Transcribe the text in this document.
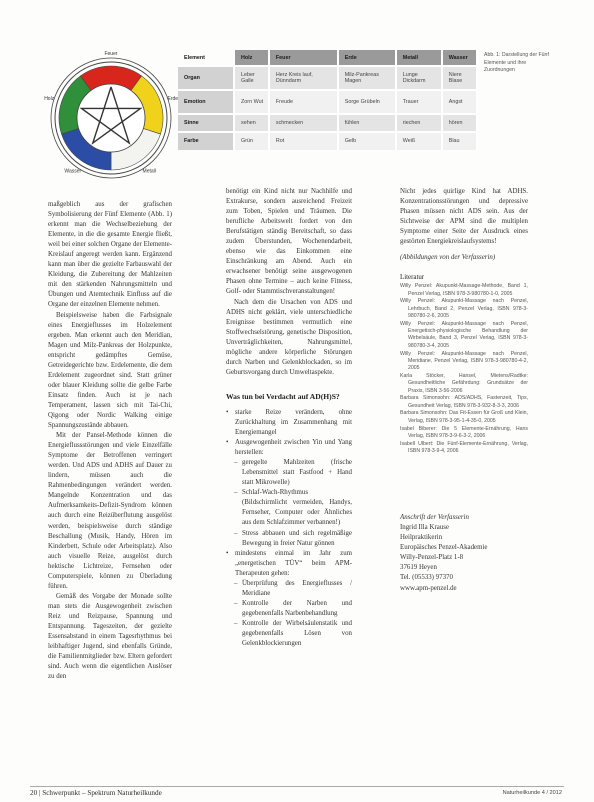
Feuer
Erde
Metall
Wasser
Holz
Element	Holz	Feuer	Erde	Metall	Wasser
Organ	Leber Galle	Herz Kreis lauf, Dünndarm	Milz-Pankreas Magen	Lunge Dickdarm	Niere Blase
Emotion	Zorn Wut	Freude	Sorge Grübeln	Trauer	Angst
Sinne	sehen	schmecken	fühlen	riechen	hören
Farbe	Grün	Rot	Gelb	Weiß	Blau
Abb. 1: Darstellung der Fünf Elemente und ihre Zuordnungen

maßgeblich aus der grafischen Symbolisierung der Fünf Elemente (Abb. 1) erkennt man die Wechselbeziehung der Elemente, in die die gesamte Energie fließt, weil bei einer solchen Organe der Elemente-Kreislauf angeregt werden kann. Ergänzend kann man über die gezielte Farbauswahl der Kleidung, die Zubereitung der Mahlzeiten mit den stärkenden Nahrungsmitteln und Übungen und Atemtechnik Einfluss auf die Organe der einzelnen Elemente nehmen.

Beispielsweise haben die Farbsignale eines Energieflusses im Holzelement ergeben. Man erkennt auch den Meridian, Magen und Milz-Pankreas der Holzpunkte, entspricht gedämpftes Gemüse, Getreidegerichte bzw. Erdelemente, die dem Erdelement zugeordnet sind. Statt grüner oder blauer Kleidung sollte die gelbe Farbe Einsatz finden. Auch ist je nach Temperament, lassen sich mit Tai-Chi, Qigong oder Nordic Walking einige Spannungszustände abbauen.

Mit der Pansel-Methode können die Energieflussstörungen und viele Einzelfälle Symptome der Betroffenen verringert werden. Und ADS und ADHS auf Dauer zu lindern, müssen auch die Rahmenbedingungen verändert werden. Mangelnde Konzentration und das Aufmerksamkeits-Defizit-Syndrom können auch durch eine Reizüberflutung ausgelöst werden, beispielsweise durch ständige Beschallung (Musik, Handy, Hören im Kinderbett, Schule oder Arbeitsplatz). Also auch visuelle Reize, ausgelöst durch hektische Lichtreize, Fernsehen oder Computerspiele, können zu Überladung führen.

Gemäß des Vorgabe der Monade sollte man stets die Ausgewogenheit zwischen Reiz und Reizpause, Spannung und Entspannung. Tageszeiten, der gezielte Essensabstand in einem Tagesrhythmus bei leibhaftiger Jugend, sind ebenfalls Gründe, die Familienmitglieder bzw. Eltern gefordert sind. Auch wenn die eigentlichen Auslöser zu den

benötigt ein Kind nicht nur Nachhilfe und Extrakurse, sondern ausreichend Freizeit zum Toben, Spielen und Träumen. Die berufliche Arbeitswelt fordert von den Berufstätigen ständig Bereitschaft, so dass zudem Überstunden, Wochenendarbeit, ebenso wie das Einkommen eine Einschränkung am Abend. Auch ein erwachsener benötigt seine ausgewogenen Phasen ohne Termine – auch keine Fitness, Golf- oder Stammtischveranstaltungen!

Nach dem die Ursachen von ADS und ADHS nicht geklärt, viele unterschiedliche Ereignisse bestimmen vermutlich eine Stoffwechselstörung, genetische Disposition, Unverträglichkeiten, Nahrungsmittel, mögliche andere körperliche Störungen durch Narben und Gelenkblockaden, so im Geburtsvorgang durch Umweltaspekte.

Was tun bei Verdacht auf AD(H)S?
• starke Reize verändern, ohne Zurückhaltung im Zusammenhang mit Energiemangel
• Ausgewogenheit zwischen Yin und Yang herstellen:
– geregelte Mahlzeiten (frische Lebensmittel statt Fastfood + Hand statt Mikrowelle)
– Schlaf-Wach-Rhythmus (Bildschirmlicht vermeiden, Handys, Fernseher, Computer oder Ähnliches aus dem Schlafzimmer verbannen!)
– Stress abbauen und sich regelmäßige Bewegung in freier Natur gönnen
• mindestens einmal im Jahr zum „energetischen TÜV“ beim APM-Therapeuten gehen:
– Überprüfung des Energieflusses / Meridiane
– Kontrolle der Narben und gegebenenfalls Narbenbehandlung
– Kontrolle der Wirbelsäulenstatik und gegebenenfalls Lösen von Gelenkblockierungen

Nicht jedes quirlige Kind hat ADHS. Konzentrationsstörungen und depressive Phasen müssen nicht ADS sein. Aus der Sichtweise der APM sind die multiplen Symptome einer Seite der Ausdruck eines gestörten Energiekreislaufsystems!

(Abbildungen von der Verfasserin)

Literatur
Willy Penzel: Akupunkt-Massage-Methode, Band 1, Penzel Verlag, ISBN 978-3-980780-1-0, 2005
Willy Penzel: Akupunkt-Massage nach Penzel, Lehrbuch, Band 2, Penzel Verlag, ISBN 978-3-980780-2-6, 2005
Willy Penzel: Akupunkt-Massage nach Penzel, Energetisch-physiologische Behandlung der Wirbelsäule, Band 3, Penzel Verlag, ISBN 978-3-980780-3-4, 2005
Willy Penzel: Akupunkt-Massage nach Penzel, Meridiane, Penzel Verlag, ISBN 978-3-980780-4-2, 2005
Karla Stöcker, Hansel, Mietens/Radtke: Gesundheitliche Gefährdung: Grundsätze der Praxis, ISBN 3-56-2006
Barbara Simonsohn: ADS/ADHS, Fastenzeit, Tips, Gesundheit Verlag, ISBN 978-3-932-8-3-3, 2006
Barbara Simonsohn: Das Fit-Essen für Groß und Klein, Verlag, ISBN 978-3-95-1-4-35-0, 2005
Isabel Biberer: Die 5 Elemente-Ernährung, Hans Verlag, ISBN 978-3-9-6-3-2, 2006
Isabell Ulbert: Die Fünf-Elemente-Ernährung, Verlag, ISBN 978-3-9-4, 2006
Anschrift der Verfasserin
Ingrid Illa Krause
Heilpraktikerin
Europäisches Penzel-Akademie
Willy-Penzel-Platz 1-8
37619 Heyen
Tel. (05533) 97370
www.apm-penzel.de
20 | Schwerpunkt – Spektrum Naturheilkunde	Naturheilkunde 4 / 2012
